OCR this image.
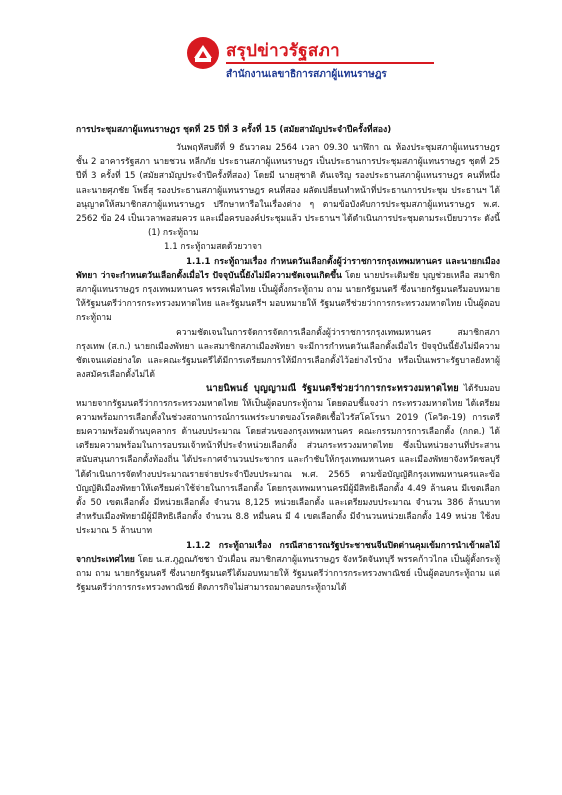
สรุปข่าวรัฐสภา
สำนักงานเลขาธิการสภาผู้แทนราษฎร

การประชุมสภาผู้แทนราษฎร ชุดที่ 25 ปีที่ 3 ครั้งที่ 15 (สมัยสามัญประจำปีครั้งที่สอง)

วันพฤหัสบดีที่ 9 ธันวาคม 2564 เวลา 09.30 นาฬิกา ณ ห้องประชุมสภาผู้แทนราษฎร ชั้น 2 อาคารรัฐสภา นายชวน หลีกภัย ประธานสภาผู้แทนราษฎร เป็นประธานการประชุมสภาผู้แทนราษฎร ชุดที่ 25 ปีที่ 3 ครั้งที่ 15 (สมัยสามัญประจำปีครั้งที่สอง) โดยมี นายสุชาติ ตันเจริญ รองประธานสภาผู้แทนราษฎร คนที่หนึ่ง และนายศุภชัย โพธิ์สุ รองประธานสภาผู้แทนราษฎร คนที่สอง ผลัดเปลี่ยนทำหน้าที่ประธานการประชุม ประธานฯ ได้อนุญาตให้สมาชิกสภาผู้แทนราษฎร ปรึกษาหารือในเรื่องต่าง ๆ ตามข้อบังคับการประชุมสภาผู้แทนราษฎร พ.ศ. 2562 ข้อ 24 เป็นเวลาพอสมควร และเมื่อครบองค์ประชุมแล้ว ประธานฯ ได้ดำเนินการประชุมตามระเบียบวาระ ดังนี้

(1) กระทู้ถาม

1.1 กระทู้ถามสดด้วยวาจา

1.1.1 กระทู้ถามเรื่อง กำหนดวันเลือกตั้งผู้ว่าราชการกรุงเทพมหานคร และนายกเมืองพัทยา ว่าจะกำหนดวันเลือกตั้งเมื่อไร ปัจจุบันนี้ยังไม่มีความชัดเจนเกิดขึ้น โดย นายประเดิมชัย บุญช่วยเหลือ สมาชิกสภาผู้แทนราษฎร กรุงเทพมหานคร พรรคเพื่อไทย เป็นผู้ตั้งกระทู้ถาม ถาม นายกรัฐมนตรี ซึ่งนายกรัฐมนตรีมอบหมายให้รัฐมนตรีว่าการกระทรวงมหาดไทย และรัฐมนตรีฯ มอบหมายให้ รัฐมนตรีช่วยว่าการกระทรวงมหาดไทย เป็นผู้ตอบกระทู้ถาม

ความชัดเจนในการจัดการจัดการเลือกตั้งผู้ว่าราชการกรุงเทพมหานคร สมาชิกสภากรุงเทพ (ส.ก.) นายกเมืองพัทยา และสมาชิกสภาเมืองพัทยา จะมีการกำหนดวันเลือกตั้งเมื่อไร ปัจจุบันนี้ยังไม่มีความชัดเจนแต่อย่างใด และคณะรัฐมนตรีได้มีการเตรียมการให้มีการเลือกตั้งไว้อย่างไรบ้าง หรือเป็นเพราะรัฐบาลยังหาผู้ลงสมัครเลือกตั้งไม่ได้

นายนิพนธ์ บุญญามณี รัฐมนตรีช่วยว่าการกระทรวงมหาดไทย ได้รับมอบหมายจากรัฐมนตรีว่าการกระทรวงมหาดไทย ให้เป็นผู้ตอบกระทู้ถาม โดยตอบชี้แจงว่า กระทรวงมหาดไทย ได้เตรียมความพร้อมการเลือกตั้งในช่วงสถานการณ์การแพร่ระบาดของโรคติดเชื้อไวรัสโคโรนา 2019 (โควิด-19) การเตรียมความพร้อมด้านบุคลากร ด้านงบประมาณ โดยส่วนของกรุงเทพมหานคร คณะกรรมการการเลือกตั้ง (กกต.) ได้เตรียมความพร้อมในการอบรมเจ้าหน้าที่ประจำหน่วยเลือกตั้ง ส่วนกระทรวงมหาดไทย ซึ่งเป็นหน่วยงานที่ประสานสนับสนุนการเลือกตั้งท้องถิ่น ได้ประกาศจำนวนประชากร และกำชับให้กรุงเทพมหานคร และเมืองพัทยาจังหวัดชลบุรี ได้ดำเนินการจัดทำงบประมาณรายจ่ายประจำปีงบประมาณ พ.ศ. 2565 ตามข้อบัญญัติกรุงเทพมหานครและข้อบัญญัติเมืองพัทยาให้เตรียมค่าใช้จ่ายในการเลือกตั้ง โดยกรุงเทพมหานครมีผู้มีสิทธิเลือกตั้ง 4.49 ล้านคน มีเขตเลือกตั้ง 50 เขตเลือกตั้ง มีหน่วยเลือกตั้ง จำนวน 8,125 หน่วยเลือกตั้ง และเตรียมงบประมาณ จำนวน 386 ล้านบาท สำหรับเมืองพัทยามีผู้มีสิทธิเลือกตั้ง จำนวน 8.8 หมื่นคน มี 4 เขตเลือกตั้ง มีจำนวนหน่วยเลือกตั้ง 149 หน่วย ใช้งบประมาณ 5 ล้านบาท

1.1.2 กระทู้ถามเรื่อง กรณีสาธารณรัฐประชาชนจีนปิดด่านคุมเข้มการนำเข้าผลไม้จากประเทศไทย โดย น.ส.ภูฏณภัชชา บัวเผื่อน สมาชิกสภาผู้แทนราษฎร จังหวัดจันทบุรี พรรคก้าวไกล เป็นผู้ตั้งกระทู้ถาม ถาม นายกรัฐมนตรี ซึ่งนายกรัฐมนตรีได้มอบหมายให้ รัฐมนตรีว่าการกระทรวงพาณิชย์ เป็นผู้ตอบกระทู้ถาม แต่รัฐมนตรีว่าการกระทรวงพาณิชย์ ติดภารกิจไม่สามารถมาตอบกระทู้ถามได้
